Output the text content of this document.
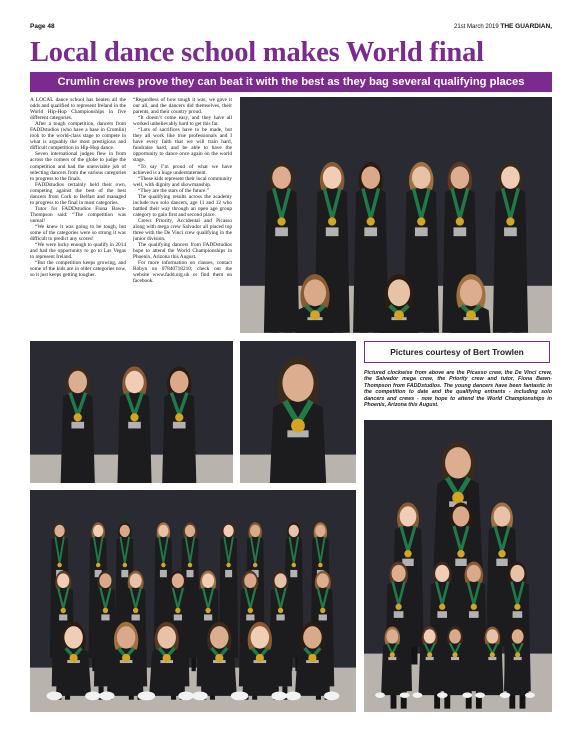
Page 48	21st March 2019 THE GUARDIAN,
Local dance school makes World final
Crumlin crews prove they can beat it with the best as they bag several qualifying places

A LOCAL dance school has beaten all the odds and qualified to represent Ireland in the World Hip-Hop Championships in five different categories.

After a tough competition, dancers from FADDstudios (who have a base in Crumlin) took to the world-class stage to compete in what is arguably the most prestigious and difficult competition in Hip-Hop dance.

Seven international judges flew in from across the corners of the globe to judge the competition and had the unenviable job of selecting dancers from the various categories to progress to the finals.

FADDstudios certainly held their own, competing against the best of the best dancers from Cork to Belfast and managed to progress to the final in most categories.

Tutor for FADDstudios Fiona Bawn-Thompson said: “The competition was unreal!

“We knew it was going to be tough, but some of the categories were so strong it was difficult to predict any scores!

“We were lucky enough to qualify in 2014 and had the opportunity to go to Las Vegas to represent Ireland.

“But the competition keeps growing, and some of the kids are in older categories now, so it just keeps getting tougher.

“Regardless of how tough it was, we gave it our all, and the dancers did themselves, their parents, and their country proud.

“It doesn’t come easy, and they have all worked unbelievably hard to get this far.

“Lots of sacrifices have to be made, but they all work like true professionals and I have every faith that we will train hard, fundraise hard, and be able to have the opportunity to dance once again on the world stage.

“To say I’m proud of what we have achieved is a huge understatement.

“These kids represent their local community well, with dignity and showmanship.

“They are the stars of the future.”

The qualifying results across the academy include two solo dancers, age 11 and 12 who battled their way through an open age group category to gain first and second place.

Crews Priority, Accidental and Picasso along with mega crew Salvador all placed top three with the De Vinci crew qualifying in the junior division.

The qualifying dancers from FADDstudios hope to attend the World Championships in Phoenix, Arizona this August.

For more information on classes, contact Robyn on 07840718210; check out the website www.fadd.org.uk or find them on facebook.

Pictures courtesy of Bert Trowlen
Pictured clockwise from above are the Picasso crew, the De Vinci crew, the Salvador mega crew, the Priority crew and tutor, Fiona Bawn-Thompson from FADDstudios. The young dancers have been fantastic in the competition to date and the qualifying entrants - including solo dancers and crews - now hope to attend the World Championships in Phoenix, Arizona this August.
